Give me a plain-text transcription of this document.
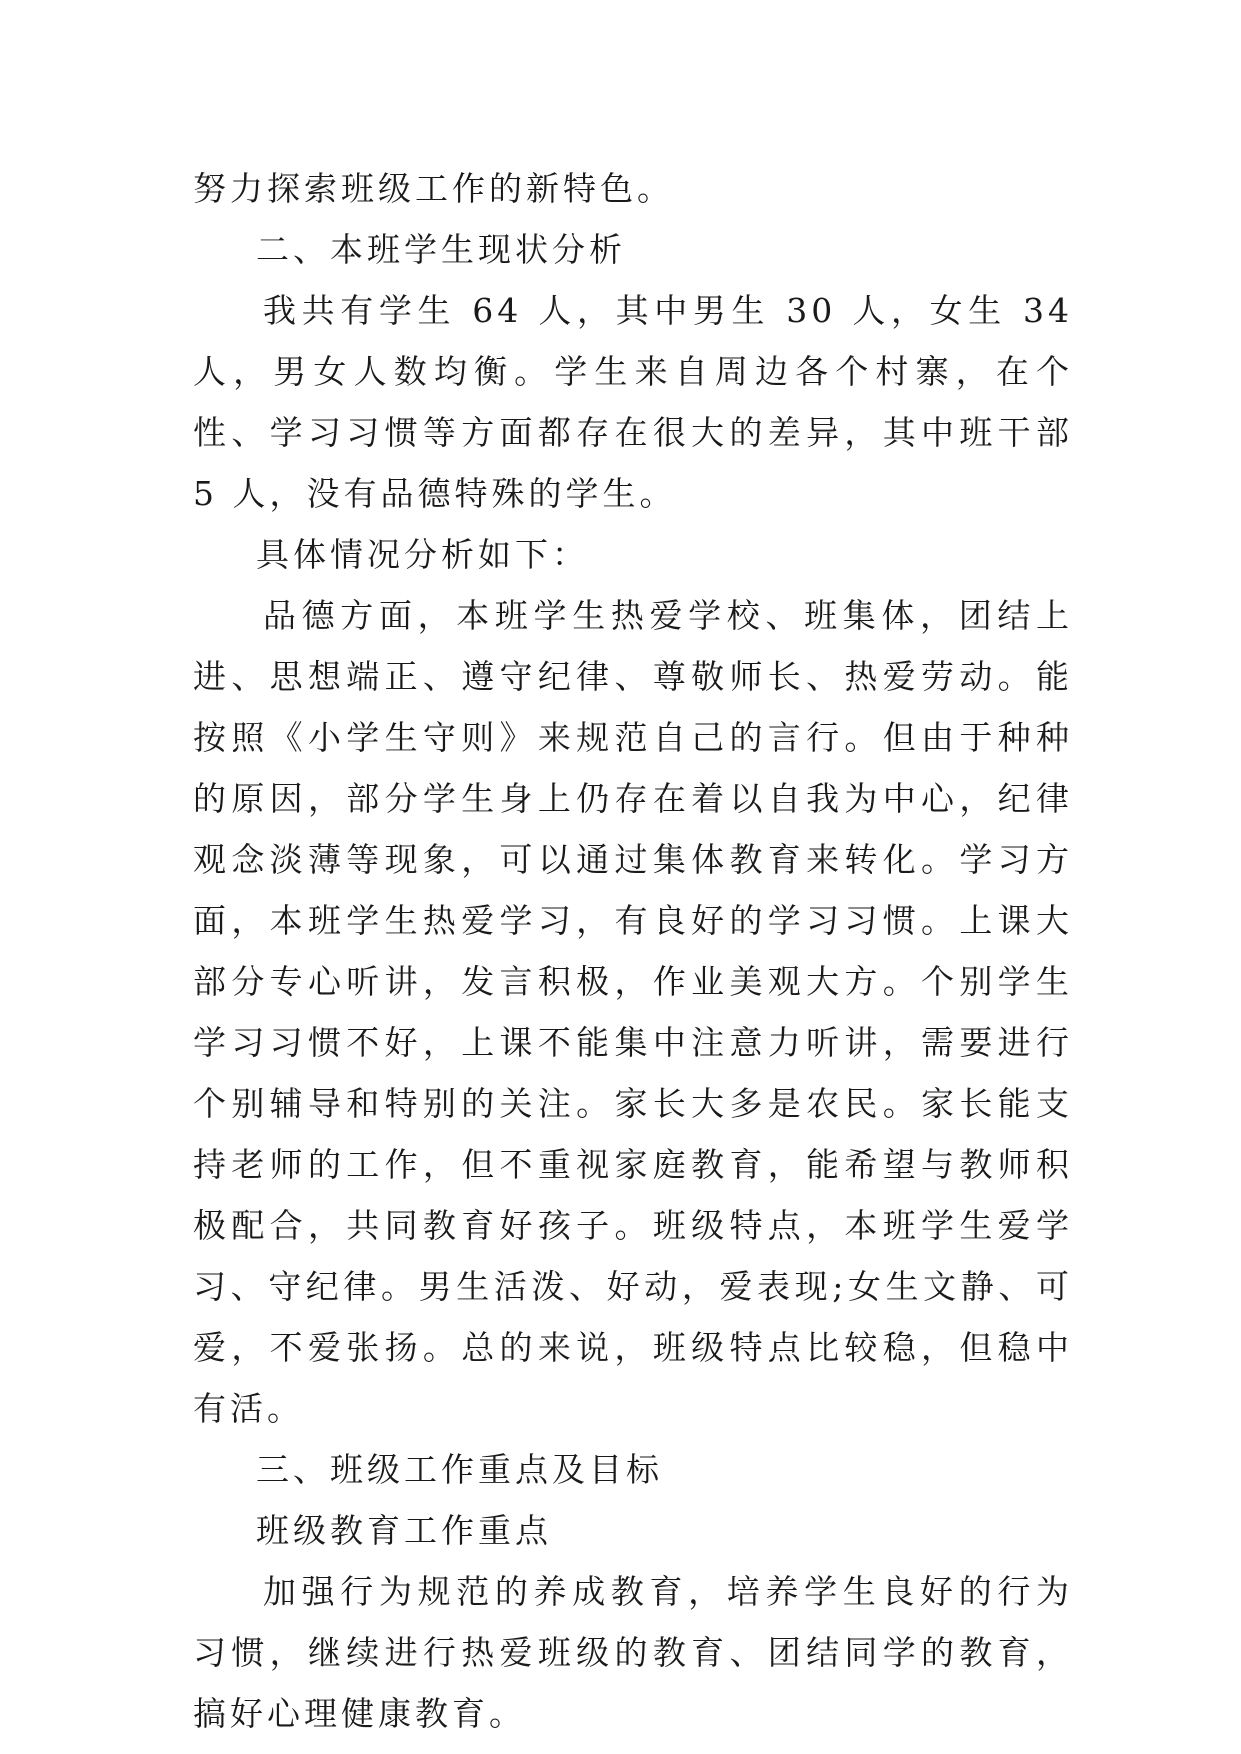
努力探索班级工作的新特色。

二、本班学生现状分析

我共有学生 64 人，其中男生 30 人，女生 34 人，男女人数均衡。学生来自周边各个村寨，在个性、学习习惯等方面都存在很大的差异，其中班干部 5 人，没有品德特殊的学生。

具体情况分析如下：

品德方面，本班学生热爱学校、班集体，团结上进、思想端正、遵守纪律、尊敬师长、热爱劳动。能按照《小学生守则》来规范自己的言行。但由于种种的原因，部分学生身上仍存在着以自我为中心，纪律观念淡薄等现象，可以通过集体教育来转化。学习方面，本班学生热爱学习，有良好的学习习惯。上课大部分专心听讲，发言积极，作业美观大方。个别学生学习习惯不好，上课不能集中注意力听讲，需要进行个别辅导和特别的关注。家长大多是农民。家长能支持老师的工作，但不重视家庭教育，能希望与教师积极配合，共同教育好孩子。班级特点，本班学生爱学习、守纪律。男生活泼、好动，爱表现;女生文静、可爱，不爱张扬。总的来说，班级特点比较稳，但稳中有活。

三、班级工作重点及目标

班级教育工作重点

加强行为规范的养成教育，培养学生良好的行为习惯，继续进行热爱班级的教育、团结同学的教育，搞好心理健康教育。
